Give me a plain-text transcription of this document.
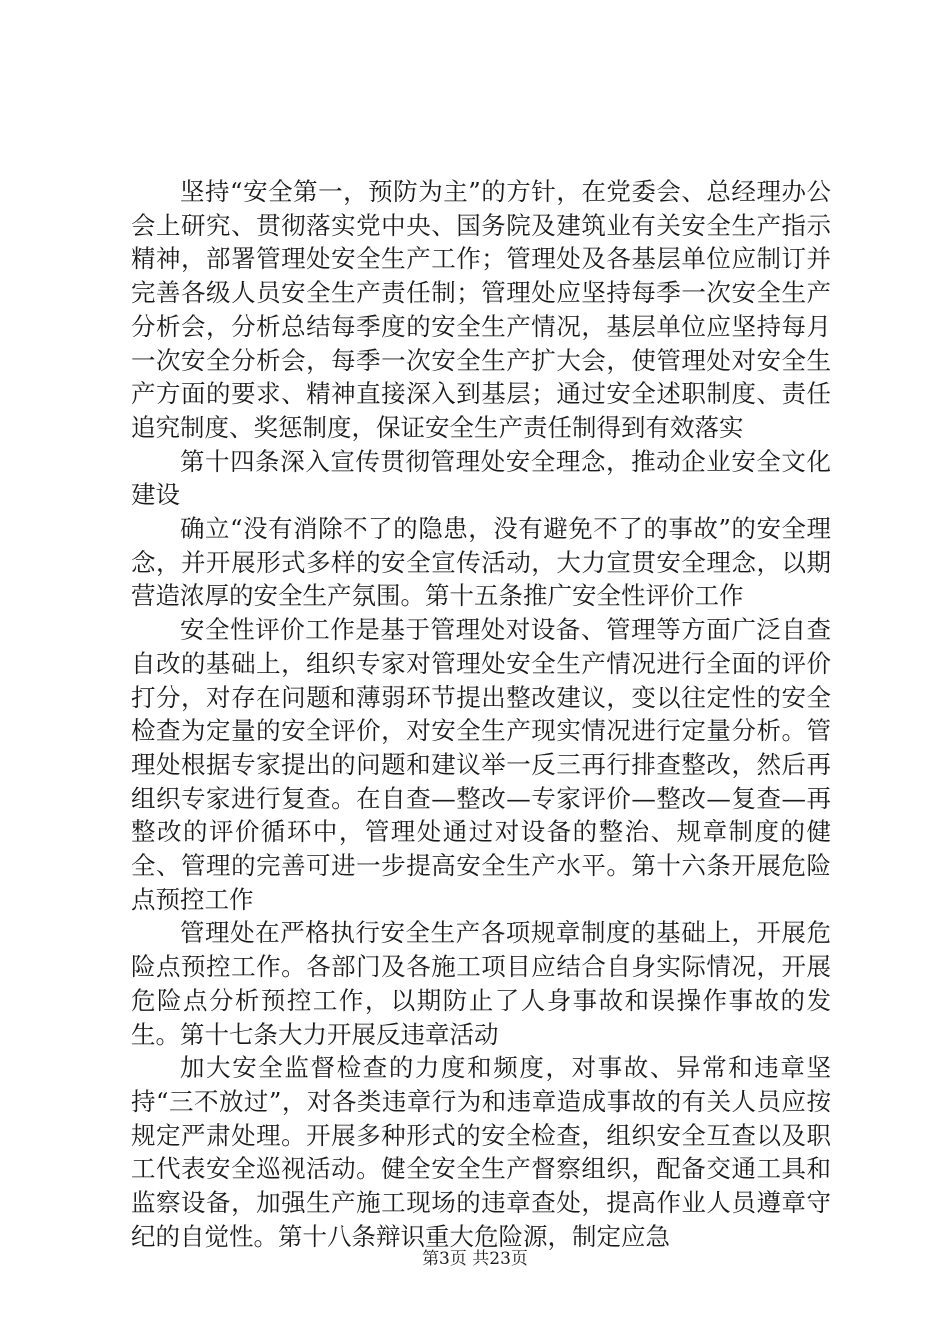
坚持“安全第一，预防为主”的方针，在党委会、总经理办公会上研究、贯彻落实党中央、国务院及建筑业有关安全生产指示精神，部署管理处安全生产工作；管理处及各基层单位应制订并完善各级人员安全生产责任制；管理处应坚持每季一次安全生产分析会，分析总结每季度的安全生产情况，基层单位应坚持每月一次安全分析会，每季一次安全生产扩大会，使管理处对安全生产方面的要求、精神直接深入到基层；通过安全述职制度、责任追究制度、奖惩制度，保证安全生产责任制得到有效落实

第十四条深入宣传贯彻管理处安全理念，推动企业安全文化建设

确立“没有消除不了的隐患，没有避免不了的事故”的安全理念，并开展形式多样的安全宣传活动，大力宣贯安全理念，以期营造浓厚的安全生产氛围。第十五条推广安全性评价工作

安全性评价工作是基于管理处对设备、管理等方面广泛自查自改的基础上，组织专家对管理处安全生产情况进行全面的评价打分，对存在问题和薄弱环节提出整改建议，变以往定性的安全检查为定量的安全评价，对安全生产现实情况进行定量分析。管理处根据专家提出的问题和建议举一反三再行排查整改，然后再组织专家进行复查。在自查—整改—专家评价—整改—复查—再整改的评价循环中，管理处通过对设备的整治、规章制度的健全、管理的完善可进一步提高安全生产水平。第十六条开展危险点预控工作

管理处在严格执行安全生产各项规章制度的基础上，开展危险点预控工作。各部门及各施工项目应结合自身实际情况，开展危险点分析预控工作，以期防止了人身事故和误操作事故的发生。第十七条大力开展反违章活动

加大安全监督检查的力度和频度，对事故、异常和违章坚持“三不放过”，对各类违章行为和违章造成事故的有关人员应按规定严肃处理。开展多种形式的安全检查，组织安全互查以及职工代表安全巡视活动。健全安全生产督察组织，配备交通工具和监察设备，加强生产施工现场的违章查处，提高作业人员遵章守纪的自觉性。第十八条辩识重大危险源，制定应急

第3页 共23页
